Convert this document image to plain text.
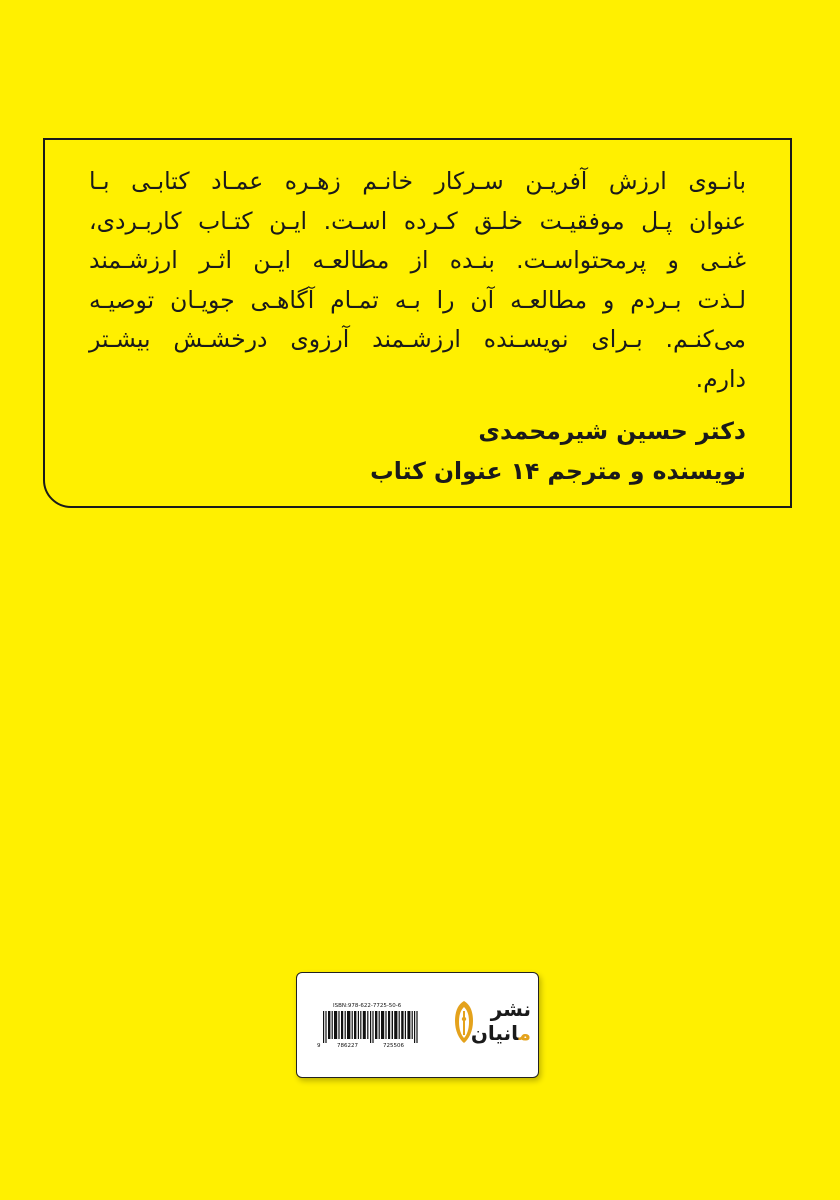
بانـوی ارزش آفریـن سـرکار خانـم زهـره عمـاد کتابـی بـا
عنوان پـل موفقیـت خلـق کـرده اسـت. ایـن کتـاب کاربـردی،
غنـی و پرمحتواسـت. بنـده از مطالعـه ایـن اثـر ارزشـمند
لـذت بـردم و مطالعـه آن را بـه تمـام آگاهـی جویـان توصیـه
می‌کنـم. بـرای نویسـنده ارزشـمند آرزوی درخشـش بیشـتر
دارم.

دکتر حسین شیرمحمدی
نویسنده و مترجم ۱۴ عنوان کتاب
ISBN:978-622-7725-50-6
9	786227	725506
نشر
مانیان
